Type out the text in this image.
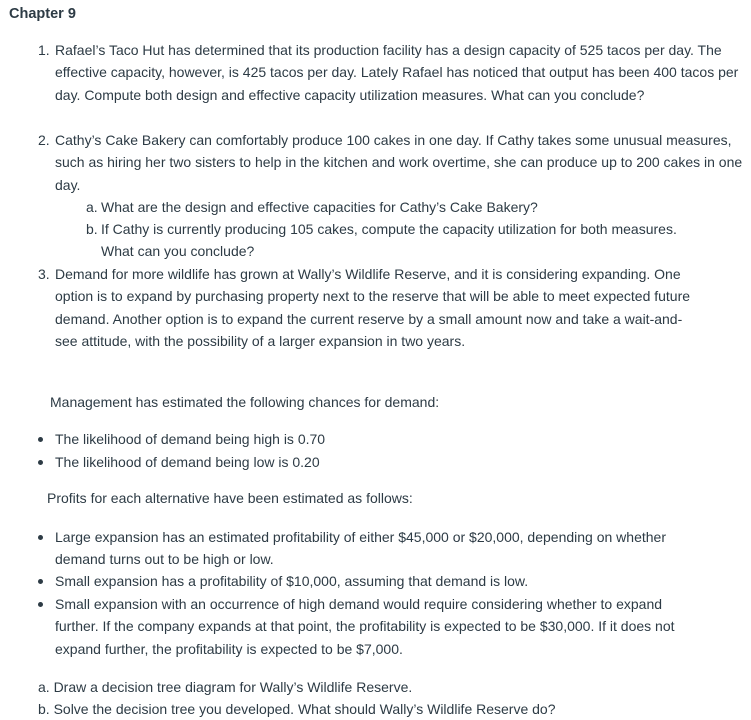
Chapter 9
1. Rafael’s Taco Hut has determined that its production facility has a design capacity of 525 tacos per day. The effective capacity, however, is 425 tacos per day. Lately Rafael has noticed that output has been 400 tacos per day. Compute both design and effective capacity utilization measures. What can you conclude?
2. Cathy’s Cake Bakery can comfortably produce 100 cakes in one day. If Cathy takes some unusual measures, such as hiring her two sisters to help in the kitchen and work overtime, she can produce up to 200 cakes in one day.
a. What are the design and effective capacities for Cathy’s Cake Bakery?
b. If Cathy is currently producing 105 cakes, compute the capacity utilization for both measures. What can you conclude?
3. Demand for more wildlife has grown at Wally’s Wildlife Reserve, and it is considering expanding. One option is to expand by purchasing property next to the reserve that will be able to meet expected future demand. Another option is to expand the current reserve by a small amount now and take a wait-and-see attitude, with the possibility of a larger expansion in two years.
Management has estimated the following chances for demand:
The likelihood of demand being high is 0.70
The likelihood of demand being low is 0.20
Profits for each alternative have been estimated as follows:
Large expansion has an estimated profitability of either $45,000 or $20,000, depending on whether demand turns out to be high or low.
Small expansion has a profitability of $10,000, assuming that demand is low.
Small expansion with an occurrence of high demand would require considering whether to expand further. If the company expands at that point, the profitability is expected to be $30,000. If it does not expand further, the profitability is expected to be $7,000.
a. Draw a decision tree diagram for Wally’s Wildlife Reserve.
b. Solve the decision tree you developed. What should Wally’s Wildlife Reserve do?
